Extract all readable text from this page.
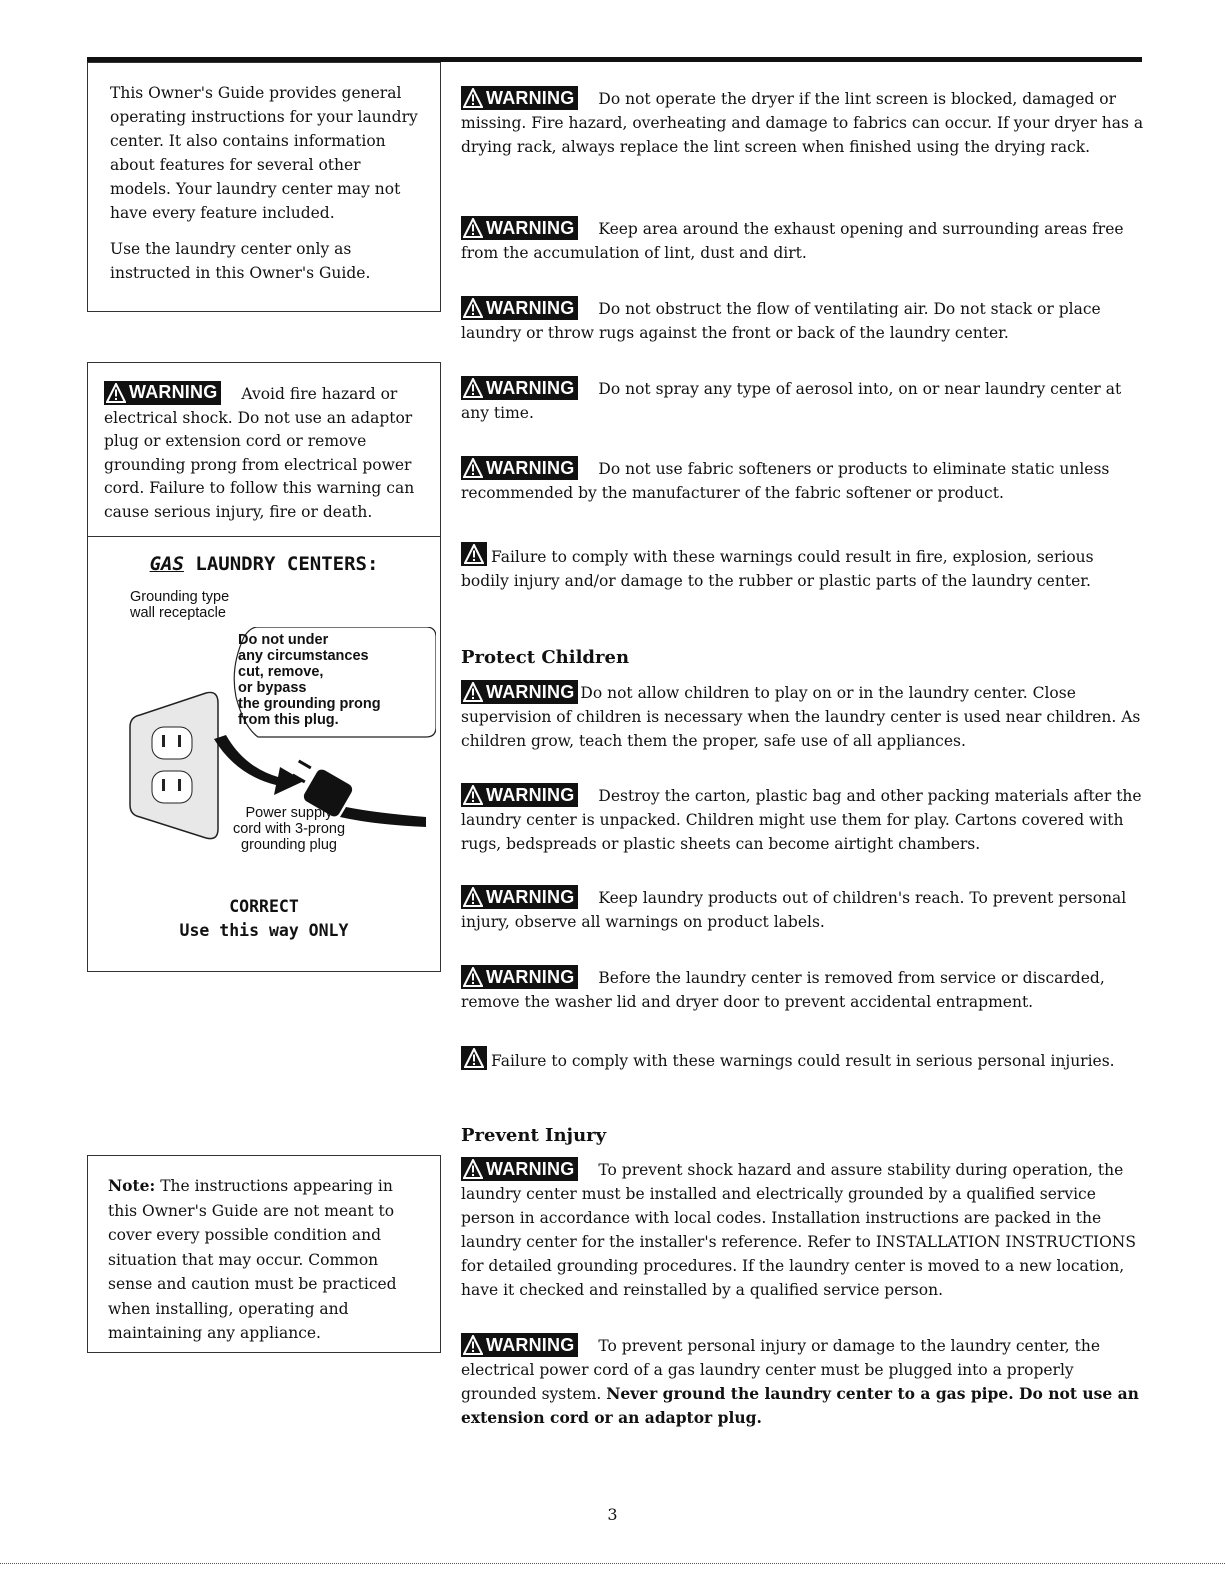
This Owner's Guide provides general operating instructions for your laundry center. It also contains information about features for several other models. Your laundry center may not have every feature included.

Use the laundry center only as instructed in this Owner's Guide.

WARNING Avoid fire hazard or electrical shock. Do not use an adaptor plug or extension cord or remove grounding prong from electrical power cord. Failure to follow this warning can cause serious injury, fire or death.
GAS LAUNDRY CENTERS:
Grounding type
wall receptacle
Do not under
any circumstances
cut, remove,
or bypass
the grounding prong
from this plug.
Power supply
cord with 3-prong
grounding plug
CORRECT
Use this way ONLY
Note: The instructions appearing in this Owner's Guide are not meant to cover every possible condition and situation that may occur. Common sense and caution must be practiced when installing, operating and maintaining any appliance.
WARNING Do not operate the dryer if the lint screen is blocked, damaged or missing. Fire hazard, overheating and damage to fabrics can occur. If your dryer has a drying rack, always replace the lint screen when finished using the drying rack.
WARNING Keep area around the exhaust opening and surrounding areas free from the accumulation of lint, dust and dirt.
WARNING Do not obstruct the flow of ventilating air. Do not stack or place laundry or throw rugs against the front or back of the laundry center.
WARNING Do not spray any type of aerosol into, on or near laundry center at any time.
WARNING Do not use fabric softeners or products to eliminate static unless recommended by the manufacturer of the fabric softener or product.
Failure to comply with these warnings could result in fire, explosion, serious bodily injury and/or damage to the rubber or plastic parts of the laundry center.
Protect Children
WARNING Do not allow children to play on or in the laundry center. Close supervision of children is necessary when the laundry center is used near children. As children grow, teach them the proper, safe use of all appliances.
WARNING Destroy the carton, plastic bag and other packing materials after the laundry center is unpacked. Children might use them for play. Cartons covered with rugs, bedspreads or plastic sheets can become airtight chambers.
WARNING Keep laundry products out of children's reach. To prevent personal injury, observe all warnings on product labels.
WARNING Before the laundry center is removed from service or discarded, remove the washer lid and dryer door to prevent accidental entrapment.
Failure to comply with these warnings could result in serious personal injuries.
Prevent Injury
WARNING To prevent shock hazard and assure stability during operation, the laundry center must be installed and electrically grounded by a qualified service person in accordance with local codes. Installation instructions are packed in the laundry center for the installer's reference. Refer to INSTALLATION INSTRUCTIONS for detailed grounding procedures. If the laundry center is moved to a new location, have it checked and reinstalled by a qualified service person.
WARNING To prevent personal injury or damage to the laundry center, the electrical power cord of a gas laundry center must be plugged into a properly grounded system. Never ground the laundry center to a gas pipe. Do not use an extension cord or an adaptor plug.
3
